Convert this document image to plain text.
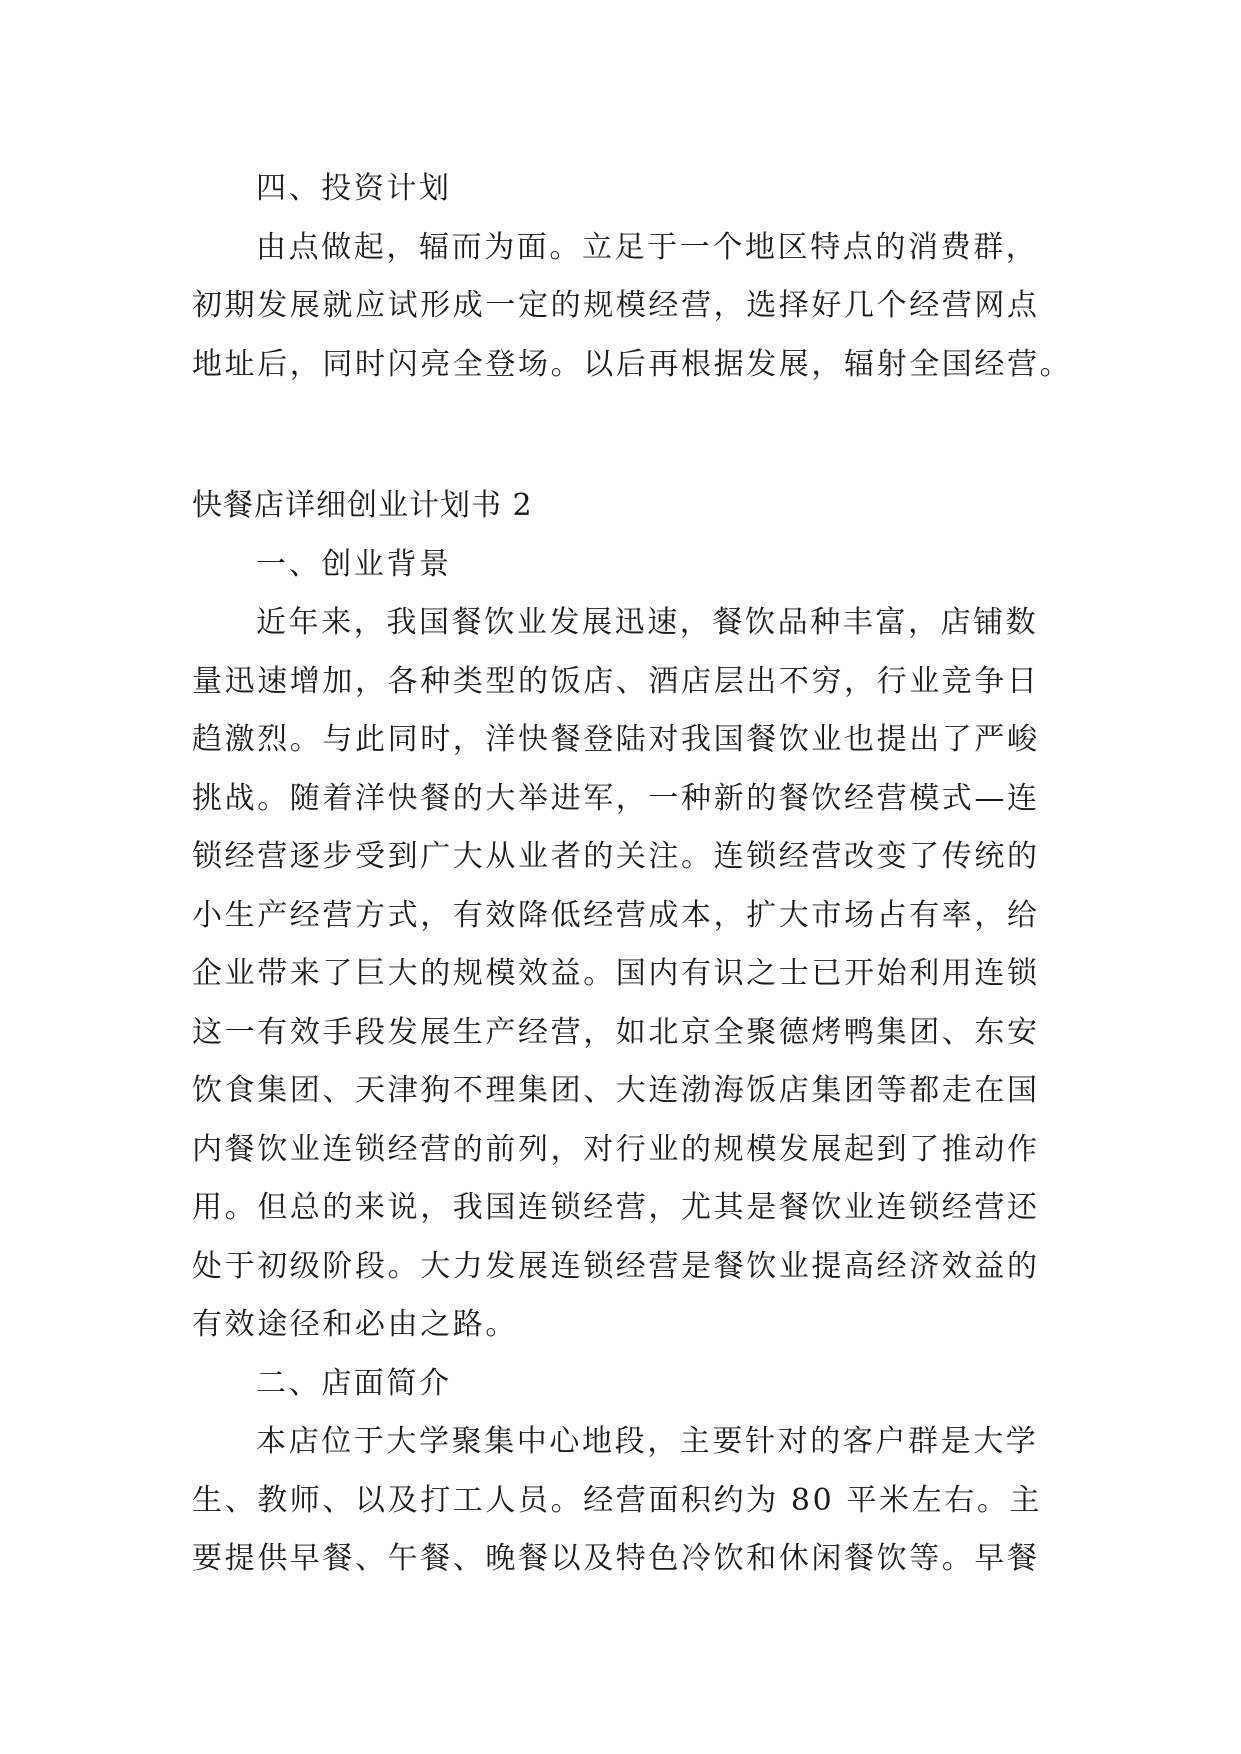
四、投资计划
由点做起，辐而为面。立足于一个地区特点的消费群，
初期发展就应试形成一定的规模经营，选择好几个经营网点
地址后，同时闪亮全登场。以后再根据发展，辐射全国经营。
快餐店详细创业计划书 2
一、创业背景
近年来，我国餐饮业发展迅速，餐饮品种丰富，店铺数
量迅速增加，各种类型的饭店、酒店层出不穷，行业竞争日
趋激烈。与此同时，洋快餐登陆对我国餐饮业也提出了严峻
挑战。随着洋快餐的大举进军，一种新的餐饮经营模式—连
锁经营逐步受到广大从业者的关注。连锁经营改变了传统的
小生产经营方式，有效降低经营成本，扩大市场占有率，给
企业带来了巨大的规模效益。国内有识之士已开始利用连锁
这一有效手段发展生产经营，如北京全聚德烤鸭集团、东安
饮食集团、天津狗不理集团、大连渤海饭店集团等都走在国
内餐饮业连锁经营的前列，对行业的规模发展起到了推动作
用。但总的来说，我国连锁经营，尤其是餐饮业连锁经营还
处于初级阶段。大力发展连锁经营是餐饮业提高经济效益的
有效途径和必由之路。
二、店面简介
本店位于大学聚集中心地段，主要针对的客户群是大学
生、教师、以及打工人员。经营面积约为 80 平米左右。主
要提供早餐、午餐、晚餐以及特色冷饮和休闲餐饮等。早餐
